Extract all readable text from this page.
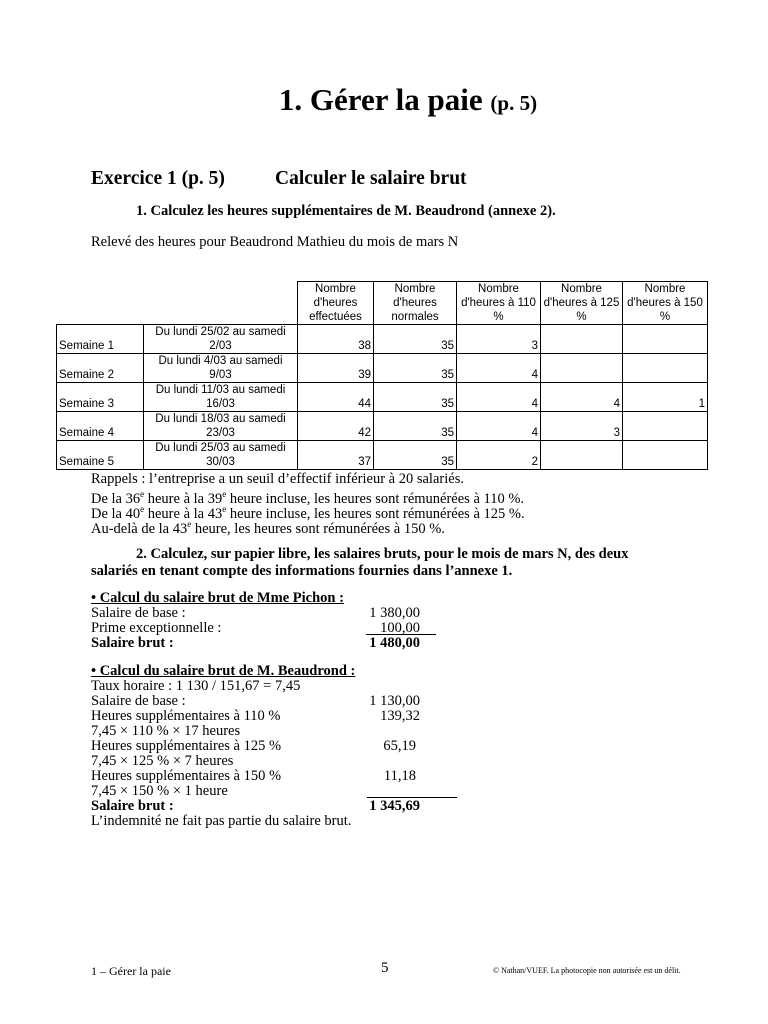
1. Gérer la paie (p. 5)
Exercice 1 (p. 5)	Calculer le salaire brut
1. Calculez les heures supplémentaires de M. Beaudrond (annexe 2).
Relevé des heures pour Beaudrond Mathieu du mois de mars N
		Nombre d'heures effectuées	Nombre d'heures normales	Nombre d'heures à 110 %	Nombre d'heures à 125 %	Nombre d'heures à 150 %
Semaine 1	Du lundi 25/02 au samedi 2/03	38	35	3		
Semaine 2	Du lundi 4/03 au samedi 9/03	39	35	4		
Semaine 3	Du lundi 11/03 au samedi 16/03	44	35	4	4	1
Semaine 4	Du lundi 18/03 au samedi 23/03	42	35	4	3	
Semaine 5	Du lundi 25/03 au samedi 30/03	37	35	2		
Rappels : l’entreprise a un seuil d’effectif inférieur à 20 salariés.
De la 36e heure à la 39e heure incluse, les heures sont rémunérées à 110 %.
De la 40e heure à la 43e heure incluse, les heures sont rémunérées à 125 %.
Au-delà de la 43e heure, les heures sont rémunérées à 150 %.
2. Calculez, sur papier libre, les salaires bruts, pour le mois de mars N, des deux salariés en tenant compte des informations fournies dans l’annexe 1.
• Calcul du salaire brut de Mme Pichon :
Salaire de base :	1 380,00
Prime exceptionnelle :	100,00
Salaire brut :	1 480,00
• Calcul du salaire brut de M. Beaudrond :
Taux horaire : 1 130 / 151,67 = 7,45
Salaire de base :	1 130,00
Heures supplémentaires à 110 %	139,32
7,45 × 110 % × 17 heures
Heures supplémentaires à 125 %	65,19
7,45 × 125 % × 7 heures
Heures supplémentaires à 150 %	11,18
7,45 × 150 % × 1 heure
Salaire brut :	1 345,69
L’indemnité ne fait pas partie du salaire brut.
1 – Gérer la paie	5	© Nathan/VUEF. La photocopie non autorisée est un délit.
